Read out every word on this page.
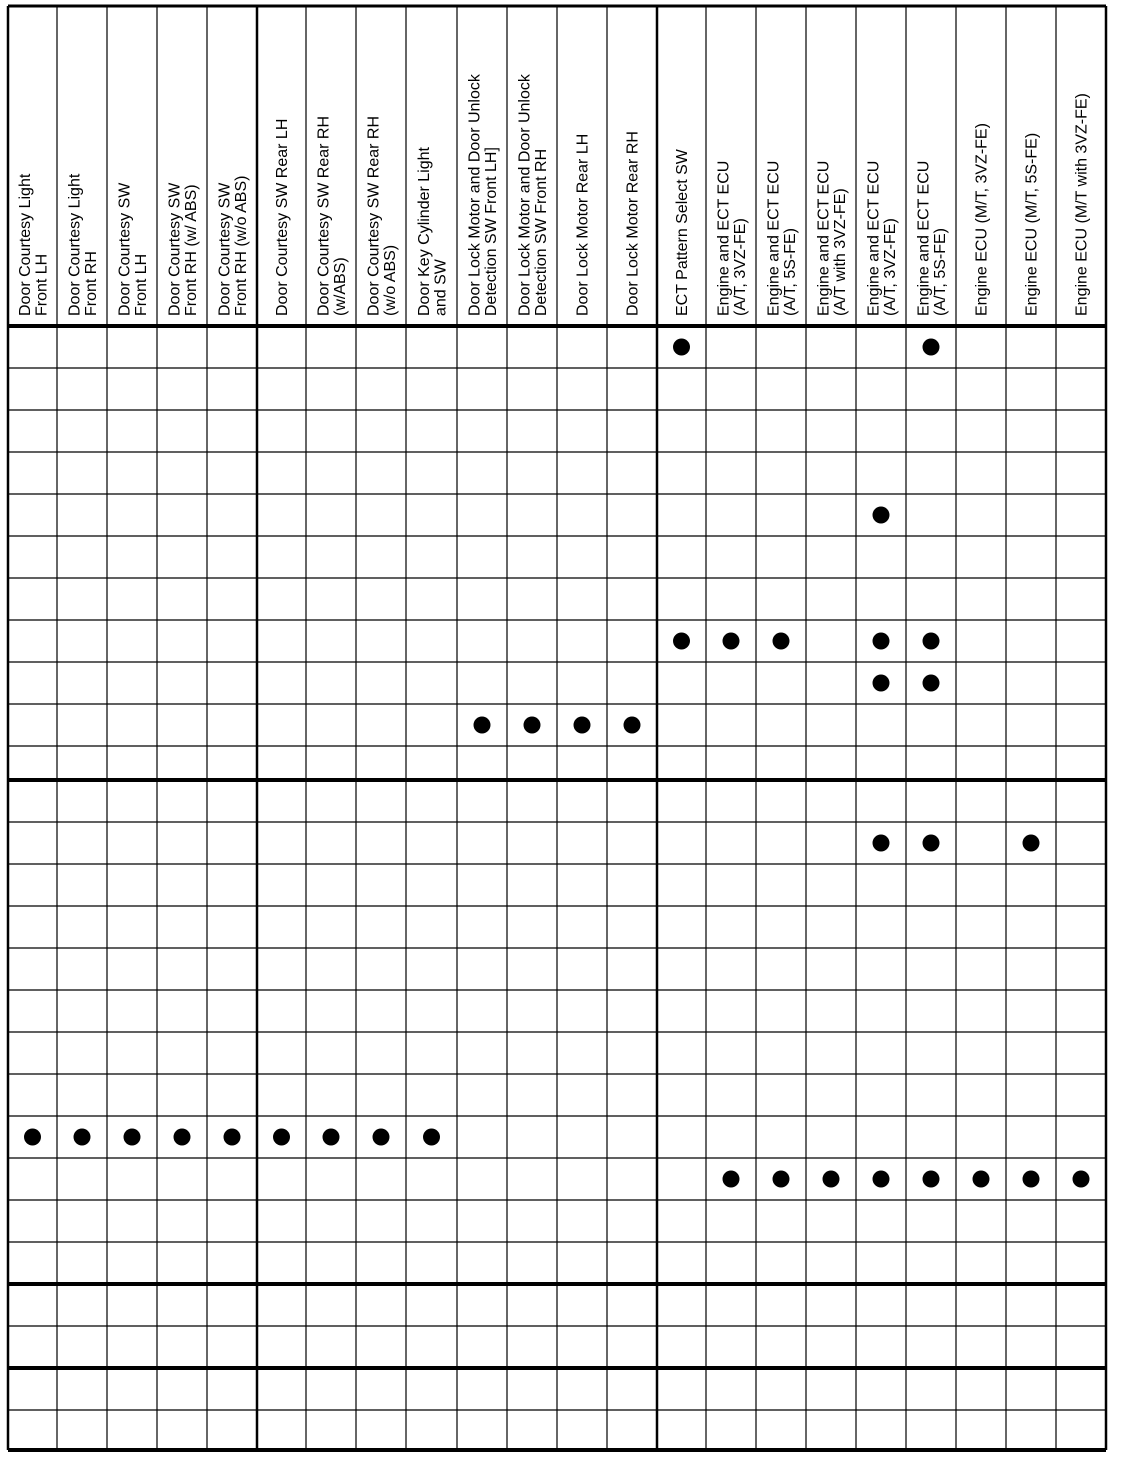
Door Courtesy Light Front LH Door Courtesy Light Front RH Door Courtesy SW Front LH Door Courtesy SW Front RH (w/ ABS) Door Courtesy SW Front RH (w/o ABS) Door Courtesy SW Rear LH Door Courtesy SW Rear RH (w/ABS) Door Courtesy SW Rear RH (w/o ABS) Door Key Cylinder Light and SW Door Lock Motor and Door Unlock Detection SW Front LH] Door Lock Motor and Door Unlock Detection SW Front RH Door Lock Motor Rear LH Door Lock Motor Rear RH ECT Pattern Select SW Engine and ECT ECU (A/T, 3VZ-FE) Engine and ECT ECU (A/T, 5S-FE) Engine and ECT ECU (A/T with 3VZ-FE) Engine and ECT ECU (A/T, 3VZ-FE) Engine and ECT ECU (A/T, 5S-FE) Engine ECU (M/T, 3VZ-FE) Engine ECU (M/T, 5S-FE) Engine ECU (M/T with 3VZ-FE)
